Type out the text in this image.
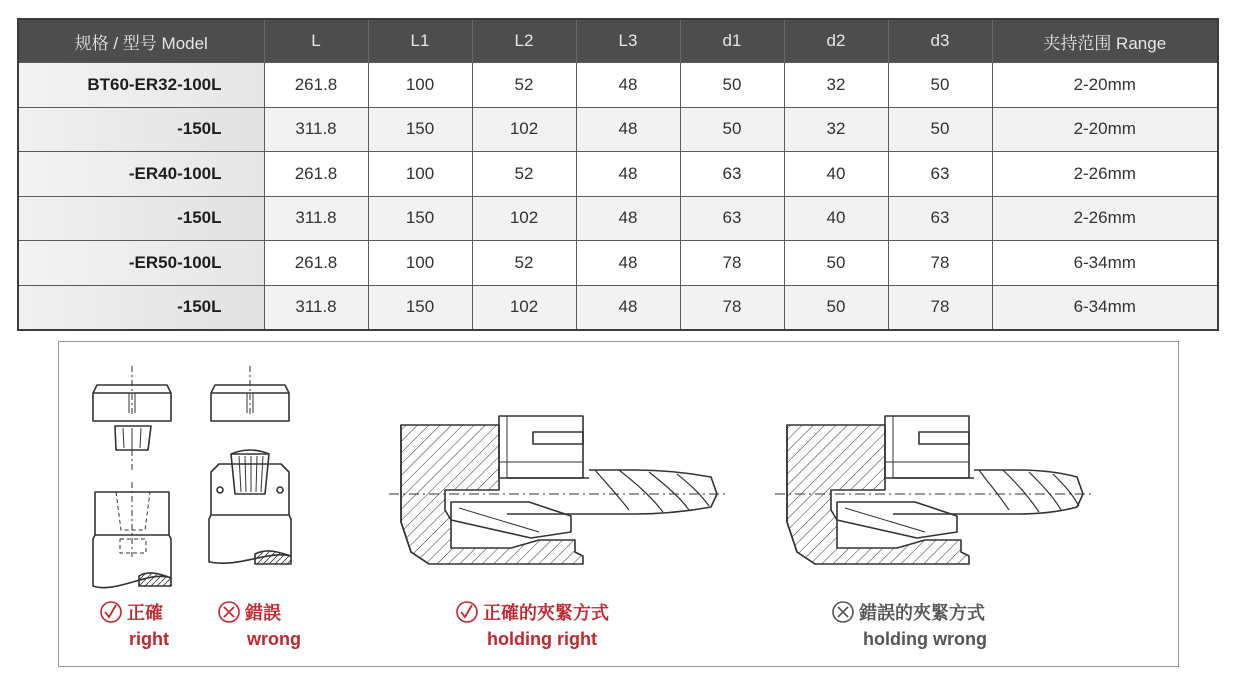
规格 / 型号 Model	L	L1	L2	L3	d1	d2	d3	夹持范围 Range
BT60-ER32-100L	261.8	100	52	48	50	32	50	2-20mm
-150L	311.8	150	102	48	50	32	50	2-20mm
-ER40-100L	261.8	100	52	48	63	40	63	2-26mm
-150L	311.8	150	102	48	63	40	63	2-26mm
-ER50-100L	261.8	100	52	48	78	50	78	6-34mm
-150L	311.8	150	102	48	78	50	78	6-34mm
正確
right
錯誤
wrong
正確的夾緊方式
holding right
錯誤的夾緊方式
holding wrong
